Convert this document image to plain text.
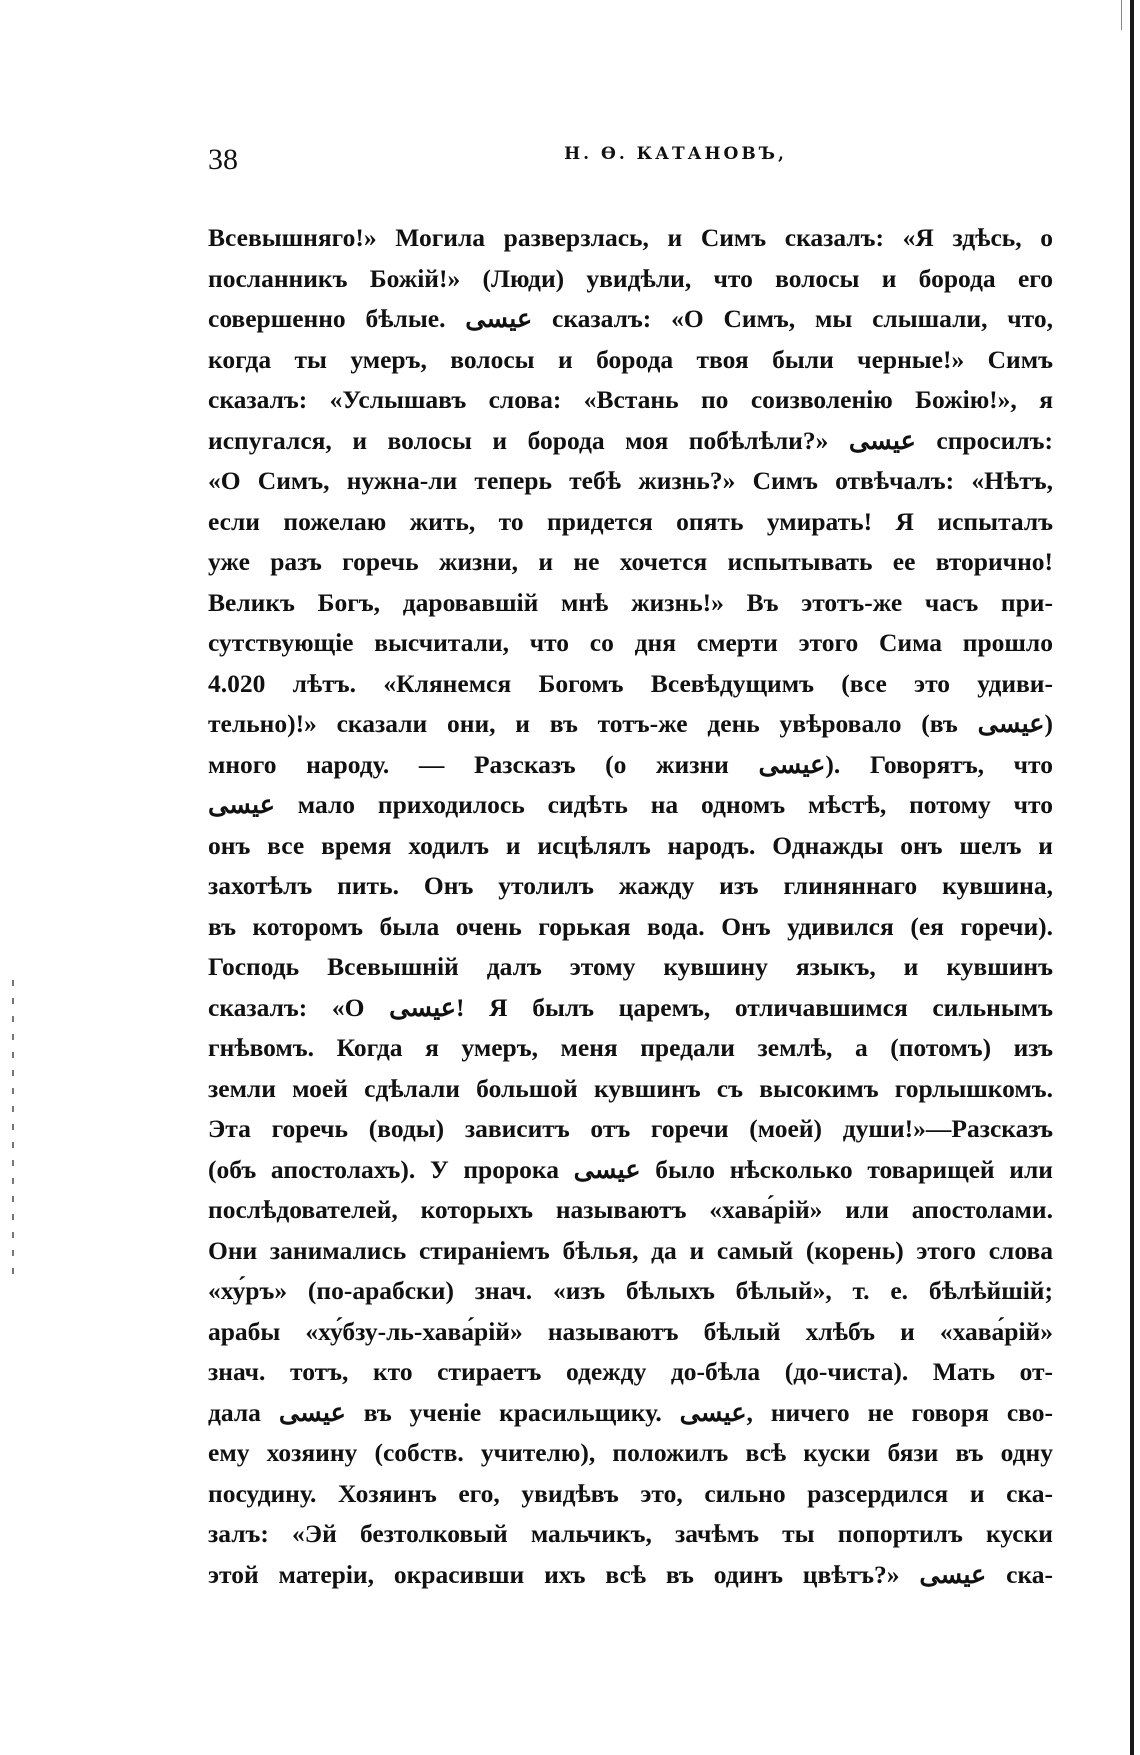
38	Н. Ѳ. КАТАНОВЪ,
Всевышняго!» Могила разверзлась, и Симъ сказалъ: «Я здѣсь, о
посланникъ Божій!» (Люди) увидѣли, что волосы и борода его
совершенно бѣлые. عيسى сказалъ: «О Симъ, мы слышали, что,
когда ты умеръ, волосы и борода твоя были черные!» Симъ
сказалъ: «Услышавъ слова: «Встань по соизволенію Божію!», я
испугался, и волосы и борода моя побѣлѣли?» عيسى спросилъ:
«О Симъ, нужна-ли теперь тебѣ жизнь?» Симъ отвѣчалъ: «Нѣтъ,
если пожелаю жить, то придется опять умирать! Я испыталъ
уже разъ горечь жизни, и не хочется испытывать ее вторично!
Великъ Богъ, даровавшій мнѣ жизнь!» Въ этотъ-же часъ при-
сутствующіе высчитали, что со дня смерти этого Сима прошло
4.020 лѣтъ. «Клянемся Богомъ Всевѣдущимъ (все это удиви-
тельно)!» сказали они, и въ тотъ-же день увѣровало (въ عيسى)
много народу. — Разсказъ (о жизни عيسى). Говорятъ, что
عيسى мало приходилось сидѣть на одномъ мѣстѣ, потому что
онъ все время ходилъ и исцѣлялъ народъ. Однажды онъ шелъ и
захотѣлъ пить. Онъ утолилъ жажду изъ глиняннаго кувшина,
въ которомъ была очень горькая вода. Онъ удивился (ея горечи).
Господь Всевышній далъ этому кувшину языкъ, и кувшинъ
сказалъ: «О عيسى! Я былъ царемъ, отличавшимся сильнымъ
гнѣвомъ. Когда я умеръ, меня предали землѣ, а (потомъ) изъ
земли моей сдѣлали большой кувшинъ съ высокимъ горлышкомъ.
Эта горечь (воды) зависитъ отъ горечи (моей) души!»—Разсказъ
(объ апостолахъ). У пророка عيسى было нѣсколько товарищей или
послѣдователей, которыхъ называютъ «хава́рій» или апостолами.
Они занимались стираніемъ бѣлья, да и самый (корень) этого слова
«ху́ръ» (по-арабски) знач. «изъ бѣлыхъ бѣлый», т. е. бѣлѣйшій;
арабы «ху́бзу-ль-хава́рій» называютъ бѣлый хлѣбъ и «хава́рій»
знач. тотъ, кто стираетъ одежду до-бѣла (до-чиста). Мать от-
дала عيسى въ ученіе красильщику. عيسى, ничего не говоря сво-
ему хозяину (собств. учителю), положилъ всѣ куски бязи въ одну
посудину. Хозяинъ его, увидѣвъ это, сильно разсердился и ска-
залъ: «Эй безтолковый мальчикъ, зачѣмъ ты попортилъ куски
этой матеріи, окрасивши ихъ всѣ въ одинъ цвѣтъ?» عيسى ска-
